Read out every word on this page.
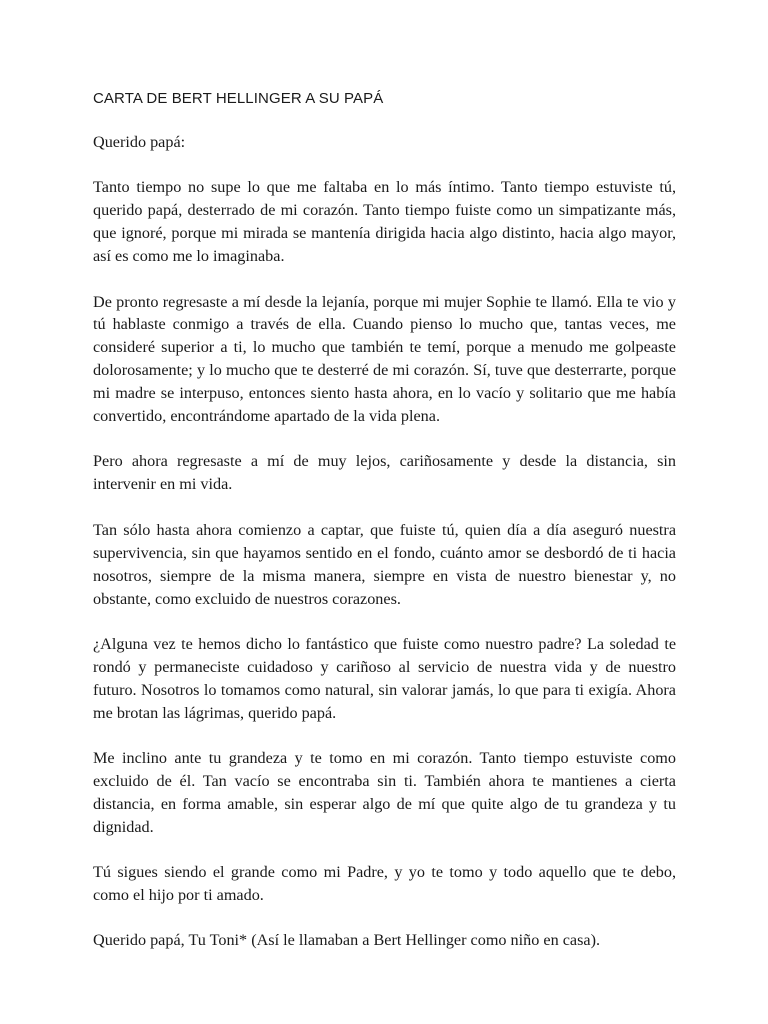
CARTA DE BERT HELLINGER A SU PAPÁ

Querido papá:

Tanto tiempo no supe lo que me faltaba en lo más íntimo. Tanto tiempo estuviste tú, querido papá, desterrado de mi corazón. Tanto tiempo fuiste como un simpatizante más, que ignoré, porque mi mirada se mantenía dirigida hacia algo distinto, hacia algo mayor, así es como me lo imaginaba.

De pronto regresaste a mí desde la lejanía, porque mi mujer Sophie te llamó. Ella te vio y tú hablaste conmigo a través de ella. Cuando pienso lo mucho que, tantas veces, me consideré superior a ti, lo mucho que también te temí, porque a menudo me golpeaste dolorosamente; y lo mucho que te desterré de mi corazón. Sí, tuve que desterrarte, porque mi madre se interpuso, entonces siento hasta ahora, en lo vacío y solitario que me había convertido, encontrándome apartado de la vida plena.

Pero ahora regresaste a mí de muy lejos, cariñosamente y desde la distancia, sin intervenir en mi vida.

Tan sólo hasta ahora comienzo a captar, que fuiste tú, quien día a día aseguró nuestra supervivencia, sin que hayamos sentido en el fondo, cuánto amor se desbordó de ti hacia nosotros, siempre de la misma manera, siempre en vista de nuestro bienestar y, no obstante, como excluido de nuestros corazones.

¿Alguna vez te hemos dicho lo fantástico que fuiste como nuestro padre? La soledad te rondó y permaneciste cuidadoso y cariñoso al servicio de nuestra vida y de nuestro futuro. Nosotros lo tomamos como natural, sin valorar jamás, lo que para ti exigía. Ahora me brotan las lágrimas, querido papá.

Me inclino ante tu grandeza y te tomo en mi corazón. Tanto tiempo estuviste como excluido de él. Tan vacío se encontraba sin ti. También ahora te mantienes a cierta distancia, en forma amable, sin esperar algo de mí que quite algo de tu grandeza y tu dignidad.

Tú sigues siendo el grande como mi Padre, y yo te tomo y todo aquello que te debo, como el hijo por ti amado.

Querido papá, Tu Toni* (Así le llamaban a Bert Hellinger como niño en casa).
